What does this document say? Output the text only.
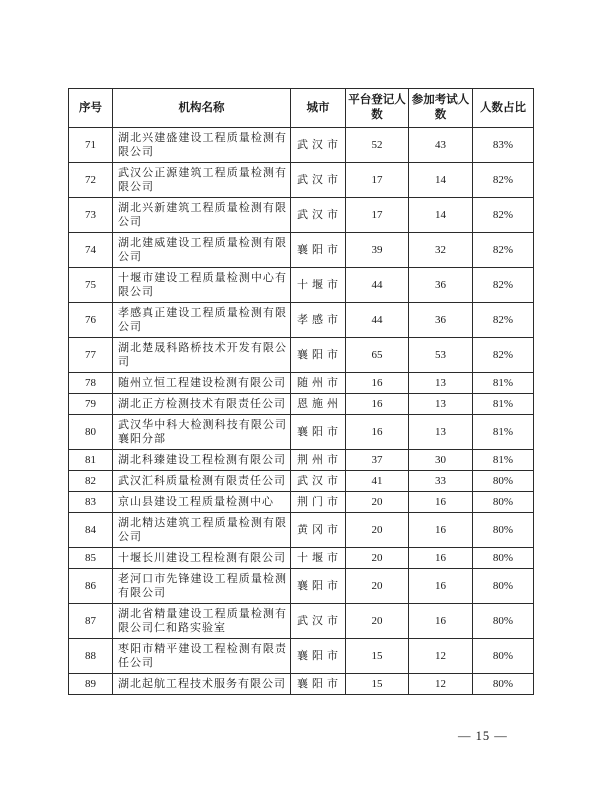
序号	机构名称	城市	平台登记人数	参加考试人数	人数占比
71	湖北兴建盛建设工程质量检测有限公司	武汉市	52	43	83%
72	武汉公正源建筑工程质量检测有限公司	武汉市	17	14	82%
73	湖北兴新建筑工程质量检测有限公司	武汉市	17	14	82%
74	湖北建威建设工程质量检测有限公司	襄阳市	39	32	82%
75	十堰市建设工程质量检测中心有限公司	十堰市	44	36	82%
76	孝感真正建设工程质量检测有限公司	孝感市	44	36	82%
77	湖北楚晟科路桥技术开发有限公司	襄阳市	65	53	82%
78	随州立恒工程建设检测有限公司	随州市	16	13	81%
79	湖北正方检测技术有限责任公司	恩施州	16	13	81%
80	武汉华中科大检测科技有限公司襄阳分部	襄阳市	16	13	81%
81	湖北科臻建设工程检测有限公司	荆州市	37	30	81%
82	武汉汇科质量检测有限责任公司	武汉市	41	33	80%
83	京山县建设工程质量检测中心	荆门市	20	16	80%
84	湖北精达建筑工程质量检测有限公司	黄冈市	20	16	80%
85	十堰长川建设工程检测有限公司	十堰市	20	16	80%
86	老河口市先锋建设工程质量检测有限公司	襄阳市	20	16	80%
87	湖北省精量建设工程质量检测有限公司仁和路实验室	武汉市	20	16	80%
88	枣阳市精平建设工程检测有限责任公司	襄阳市	15	12	80%
89	湖北起航工程技术服务有限公司	襄阳市	15	12	80%
— 15 —
